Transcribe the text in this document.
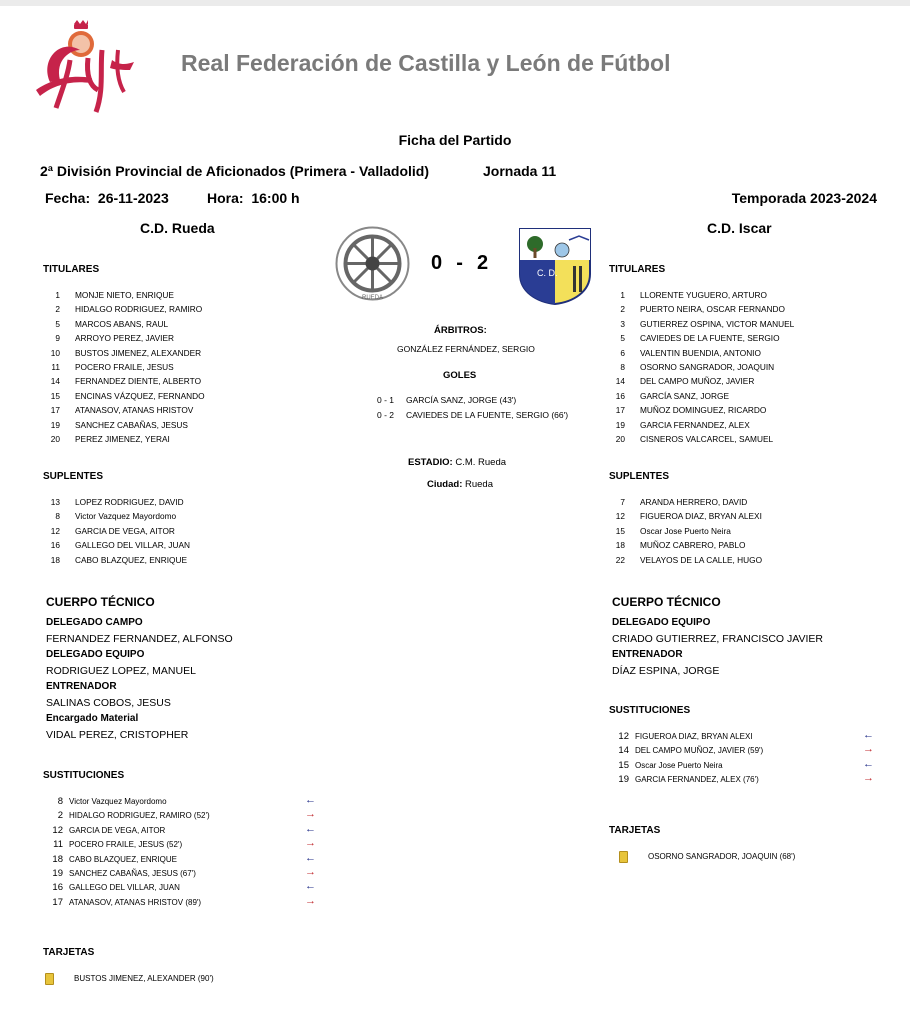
Real Federación de Castilla y León de Fútbol
Ficha del Partido
2ª División Provincial de Aficionados (Primera - Valladolid)	Jornada 11
Fecha: 26-11-2023	Hora: 16:00 h	Temporada 2023-2024
C.D. Rueda	C.D. Iscar
RUEDA
0 - 2	C. D.
TITULARES
1 MONJE NIETO, ENRIQUE
2 HIDALGO RODRIGUEZ, RAMIRO
5 MARCOS ABANS, RAUL
9 ARROYO PEREZ, JAVIER
10 BUSTOS JIMENEZ, ALEXANDER
11 POCERO FRAILE, JESUS
14 FERNANDEZ DIENTE, ALBERTO
15 ENCINAS VÁZQUEZ, FERNANDO
17 ATANASOV, ATANAS HRISTOV
19 SANCHEZ CABAÑAS, JESUS
20 PEREZ JIMENEZ, YERAI
TITULARES
1 LLORENTE YUGUERO, ARTURO
2 PUERTO NEIRA, OSCAR FERNANDO
3 GUTIERREZ OSPINA, VICTOR MANUEL
5 CAVIEDES DE LA FUENTE, SERGIO
6 VALENTIN BUENDIA, ANTONIO
8 OSORNO SANGRADOR, JOAQUIN
14 DEL CAMPO MUÑOZ, JAVIER
16 GARCÍA SANZ, JORGE
17 MUÑOZ DOMINGUEZ, RICARDO
19 GARCIA FERNANDEZ, ALEX
20 CISNEROS VALCARCEL, SAMUEL
ÁRBITROS:
GONZÁLEZ FERNÁNDEZ, SERGIO
GOLES
0 - 1 GARCÍA SANZ, JORGE (43')
0 - 2 CAVIEDES DE LA FUENTE, SERGIO (66')
ESTADIO: C.M. Rueda
Ciudad: Rueda
SUPLENTES
13 LOPEZ RODRIGUEZ, DAVID
8 Victor Vazquez Mayordomo
12 GARCIA DE VEGA, AITOR
16 GALLEGO DEL VILLAR, JUAN
18 CABO BLAZQUEZ, ENRIQUE
SUPLENTES
7 ARANDA HERRERO, DAVID
12 FIGUEROA DIAZ, BRYAN ALEXI
15 Oscar Jose Puerto Neira
18 MUÑOZ CABRERO, PABLO
22 VELAYOS DE LA CALLE, HUGO
CUERPO TÉCNICO
DELEGADO CAMPO
FERNANDEZ FERNANDEZ, ALFONSO
DELEGADO EQUIPO
RODRIGUEZ LOPEZ, MANUEL
ENTRENADOR
SALINAS COBOS, JESUS
Encargado Material
VIDAL PEREZ, CRISTOPHER
CUERPO TÉCNICO
DELEGADO EQUIPO
CRIADO GUTIERREZ, FRANCISCO JAVIER
ENTRENADOR
DÍAZ ESPINA, JORGE
SUSTITUCIONES
8 Victor Vazquez Mayordomo	←
2 HIDALGO RODRIGUEZ, RAMIRO (52')	→
12 GARCIA DE VEGA, AITOR	←
11 POCERO FRAILE, JESUS (52')	→
18 CABO BLAZQUEZ, ENRIQUE	←
19 SANCHEZ CABAÑAS, JESUS (67')	→
16 GALLEGO DEL VILLAR, JUAN	←
17 ATANASOV, ATANAS HRISTOV (89')	→
SUSTITUCIONES
12 FIGUEROA DIAZ, BRYAN ALEXI	←
14 DEL CAMPO MUÑOZ, JAVIER (59')	→
15 Oscar Jose Puerto Neira	←
19 GARCIA FERNANDEZ, ALEX (76')	→
TARJETAS
OSORNO SANGRADOR, JOAQUIN (68')
TARJETAS
BUSTOS JIMENEZ, ALEXANDER (90')
